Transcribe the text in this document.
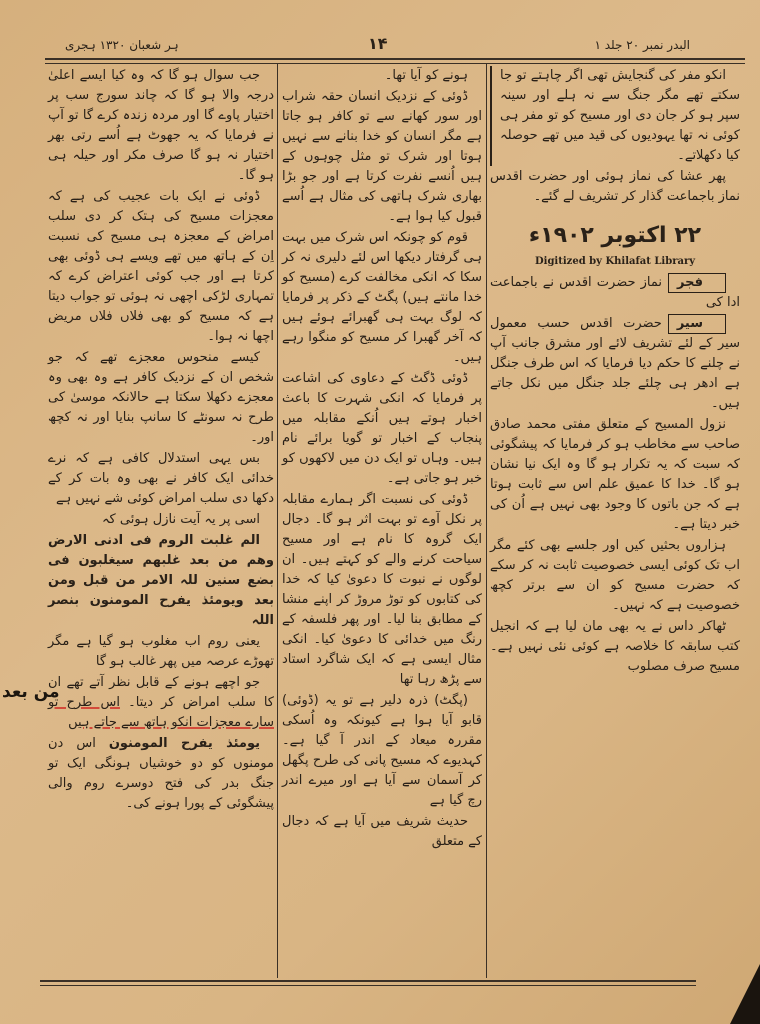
البدر نمبر ۲۰ جلد ۱
۱۴
ہر شعبان ۱۳۲۰ ہجری

انکو مفر کی گنجایش تھی اگر چاہتے تو جا سکتے تھے مگر جنگ سے نہ ہلے اور سینہ سپر ہو کر جان دی اور مسیح کو تو مفر ہی کوئی نہ تھا یہودیوں کی قید میں تھے حوصلہ کیا دکھلاتے۔

پھر عشا کی نماز ہوئی اور حضرت اقدس نماز باجماعت گذار کر تشریف لے گئے۔

۲۲ اکتوبر ۱۹۰۲ء
Digitized by Khilafat Library

فجرنماز حضرت اقدس نے باجماعت ادا کی

سیرحضرت اقدس حسب معمول سیر کے لئے تشریف لائے اور مشرق جانب آپ نے چلنے کا حکم دیا فرمایا کہ اس طرف جنگل ہے ادھر ہی چلئے جلد جنگل میں نکل جاتے ہیں۔

نزول المسیح کے متعلق مفتی محمد صادق صاحب سے مخاطب ہو کر فرمایا کہ پیشگوئی کہ سبت کہ یہ تکرار ہو گا وہ ایک نیا نشان ہو گا۔ خدا کا عمیق علم اس سے ثابت ہوتا ہے کہ جن باتوں کا وجود بھی نہیں ہے اُن کی خبر دیتا ہے۔

ہزاروں بحثیں کیں اور جلسے بھی کئے مگر اب تک کوئی ایسی خصوصیت ثابت نہ کر سکے کہ حضرت مسیح کو ان سے برتر کچھ خصوصیت ہے کہ نہیں۔

ٹھاکر داس نے یہ بھی مان لیا ہے کہ انجیل کتب سابقہ کا خلاصہ ہے کوئی نئی نہیں ہے۔ مسیح صرف مصلوب

ہونے کو آیا تھا۔

ڈوئی کے نزدیک انسان حقہ شراب اور سور کھانے سے تو کافر ہو جاتا ہے مگر انسان کو خدا بنانے سے نہیں ہوتا اور شرک تو مثل چوہوں کے ہیں اُنسے نفرت کرتا ہے اور جو بڑا بھاری شرک ہاتھی کی مثال ہے اُسے قبول کیا ہوا ہے۔

قوم کو چونکہ اس شرک میں بہت ہی گرفتار دیکھا اس لئے دلیری نہ کر سکا کہ انکی مخالفت کرے (مسیح کو خدا مانتے ہیں) پگٹ کے ذکر پر فرمایا کہ لوگ بہت ہی گھبرائے ہوئے ہیں کہ آخر گھبرا کر مسیح کو منگوا رہے ہیں۔

ڈوئی ڈگٹ کے دعاوی کی اشاعت پر فرمایا کہ انکی شہرت کا باعث اخبار ہوتے ہیں اُنکے مقابلہ میں پنجاب کے اخبار تو گویا برائے نام ہیں۔ وہاں تو ایک دن میں لاکھوں کو خبر ہو جاتی ہے۔

ڈوئی کی نسبت اگر ہمارے مقابلہ پر نکل آوے تو بہت اثر ہو گا۔ دجال ایک گروہ کا نام ہے اور مسیح سیاحت کرنے والے کو کہتے ہیں۔ ان لوگوں نے نبوت کا دعویٰ کیا کہ خدا کی کتابوں کو توڑ مروڑ کر اپنے منشا کے مطابق بنا لیا۔ اور پھر فلسفہ کے رنگ میں خدائی کا دعویٰ کیا۔ انکی مثال ایسی ہے کہ ایک شاگرد استاد سے پڑھ رہا تھا

(پگٹ) ذرہ دلیر ہے تو یہ (ڈوئی) قابو آیا ہوا ہے کیونکہ وہ اُسکی مقررہ میعاد کے اندر آ گیا ہے۔ کہدیوے کہ مسیح پانی کی طرح پگھل کر آسمان سے آیا ہے اور میرے اندر رچ گیا ہے

حدیث شریف میں آیا ہے کہ دجال کے متعلق

جب سوال ہو گا کہ وہ کیا ایسے اعلیٰ درجہ والا ہو گا کہ چاند سورج سب پر اختیار پاوے گا اور مردہ زندہ کرے گا تو آپ نے فرمایا کہ یہ جھوٹ ہے اُسے رتی بھر اختیار نہ ہو گا صرف مکر اور حیلہ ہی ہو گا۔

ڈوئی نے ایک بات عجیب کی ہے کہ معجزات مسیح کی ہتک کر دی سلب امراض کے معجزہ ہی مسیح کی نسبت اِن کے ہاتھ میں تھے ویسے ہی ڈوئی بھی کرتا ہے اور جب کوئی اعتراض کرے کہ تمہاری لڑکی اچھی نہ ہوئی تو جواب دیتا ہے کہ مسیح کو بھی فلاں فلاں مریض اچھا نہ ہوا۔

کیسے منحوس معجزے تھے کہ جو شخص ان کے نزدیک کافر ہے وہ بھی وہ معجزے دکھلا سکتا ہے حالانکہ موسیٰ کی طرح نہ سونٹے کا سانپ بنایا اور نہ کچھ اور۔

بس یہی استدلال کافی ہے کہ نرے خدائی ایک کافر نے بھی وہ بات کر کے دکھا دی سلب امراض کوئی شے نہیں ہے

اسی پر یہ آیت نازل ہوئی کہ

الم غلبت الروم فی ادنی الارض وھم من بعد غلبھم سیغلبون فی بضع سنین للہ الامر من قبل ومن بعد ویومئذ یفرح المومنون بنصر اللہ

یعنی روم اب مغلوب ہو گیا ہے مگر تھوڑے عرصہ میں پھر غالب ہو گا

جو اچھے ہونے کے قابل نظر آتے تھے ان کا سلب امراض کر دیتا۔ اس طرح تو سارے معجزات انکو ہاتھ سے جاتے ہیں

یومئذ یفرح المومنون اس دن مومنوں کو دو خوشیاں ہونگی ایک تو جنگ بدر کی فتح دوسرے روم والی پیشگوئی کے پورا ہونے کی۔

من بعد
